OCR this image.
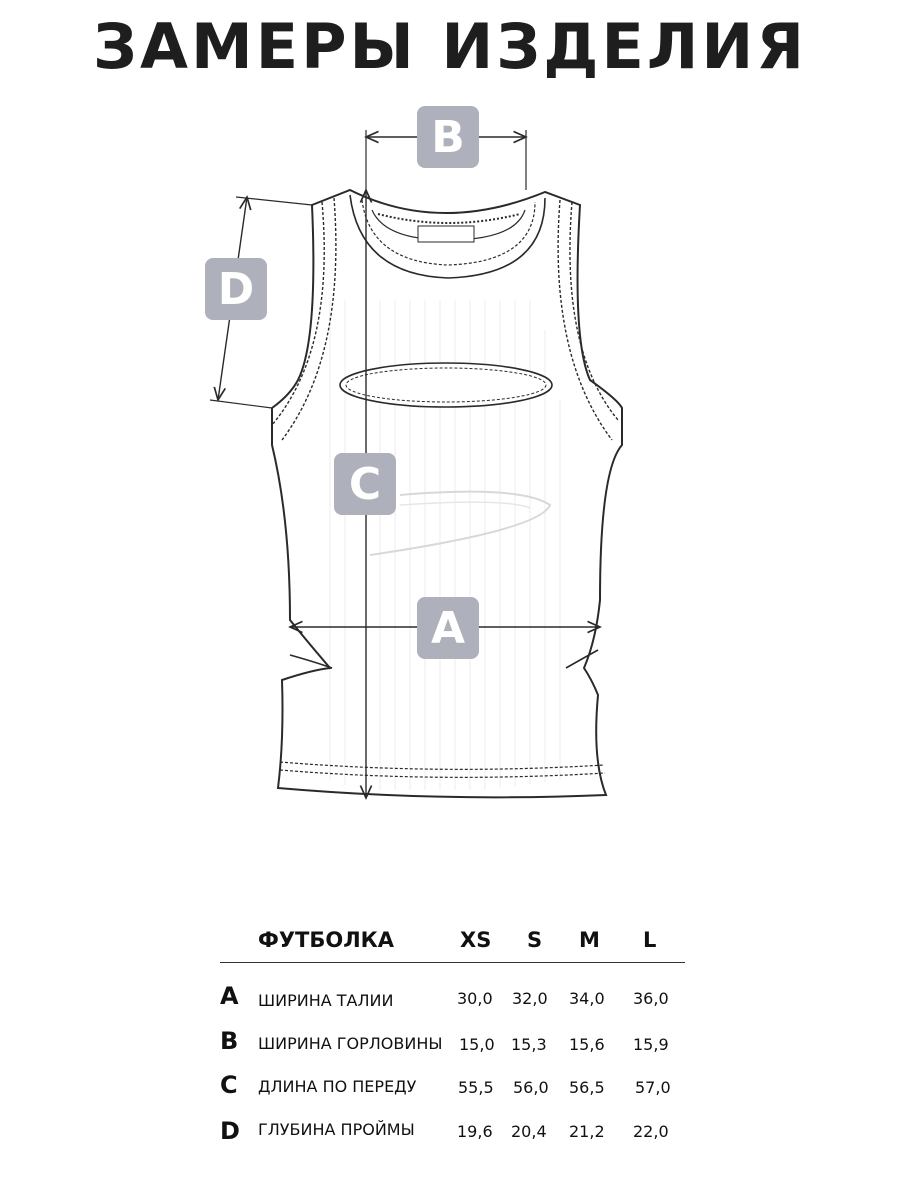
ЗАМЕРЫ ИЗДЕЛИЯ
B
D
C
A
ФУТБОЛКА	XS S M L
A ШИРИНА ТАЛИИ	30,0 32,0 34,0 36,0
B ШИРИНА ГОРЛОВИНЫ 15,0 15,3 15,6 15,9
C ДЛИНА ПО ПЕРЕДУ	55,5 56,0 56,5 57,0
D ГЛУБИНА ПРОЙМЫ	19,6 20,4 21,2 22,0
